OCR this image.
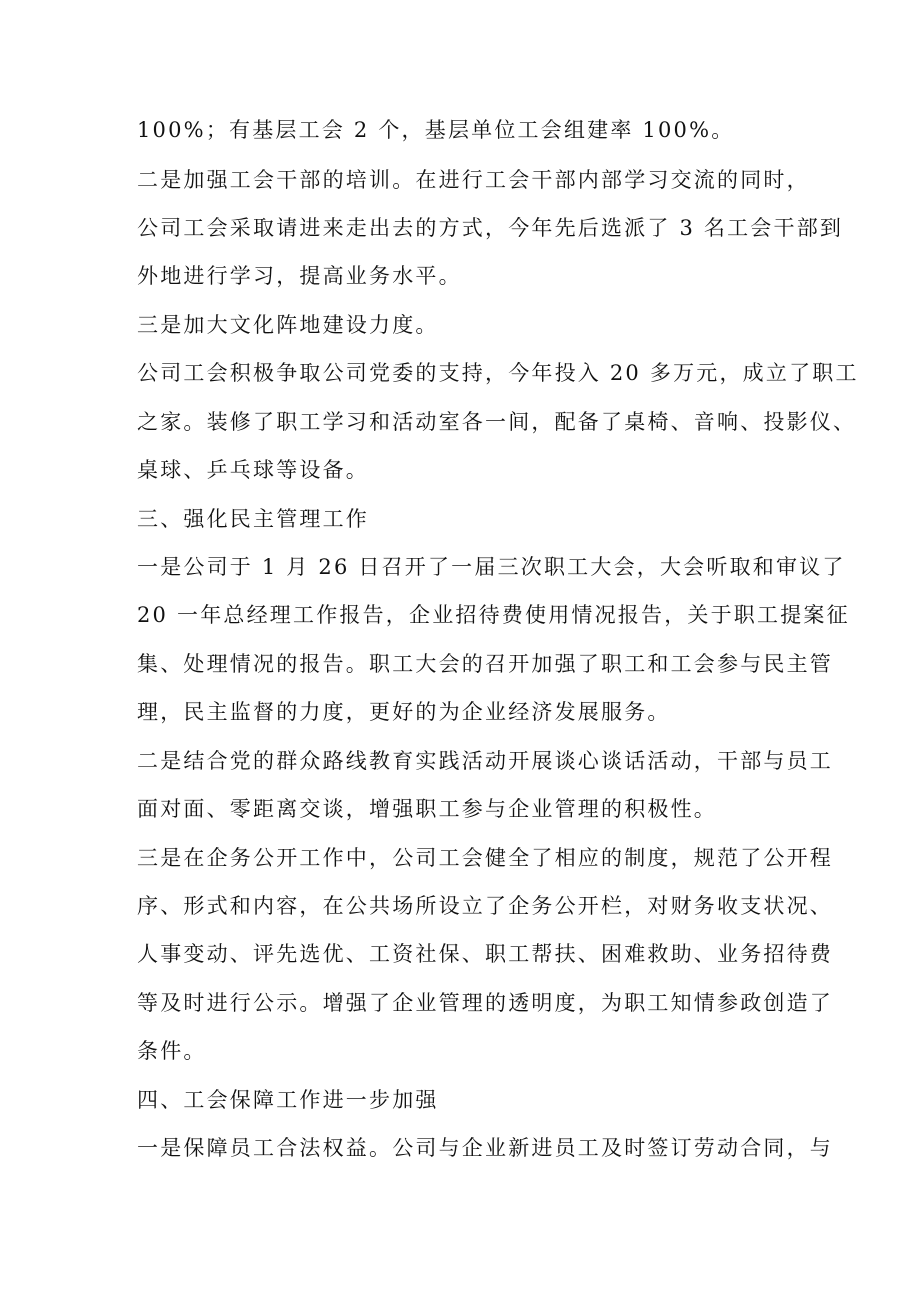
100%；有基层工会 2 个，基层单位工会组建率 100%。
二是加强工会干部的培训。在进行工会干部内部学习交流的同时，
公司工会采取请进来走出去的方式，今年先后选派了 3 名工会干部到
外地进行学习，提高业务水平。
三是加大文化阵地建设力度。
公司工会积极争取公司党委的支持，今年投入 20 多万元，成立了职工
之家。装修了职工学习和活动室各一间，配备了桌椅、音响、投影仪、
桌球、乒乓球等设备。
三、强化民主管理工作
一是公司于 1 月 26 日召开了一届三次职工大会，大会听取和审议了
20 一年总经理工作报告，企业招待费使用情况报告，关于职工提案征
集、处理情况的报告。职工大会的召开加强了职工和工会参与民主管
理，民主监督的力度，更好的为企业经济发展服务。
二是结合党的群众路线教育实践活动开展谈心谈话活动，干部与员工
面对面、零距离交谈，增强职工参与企业管理的积极性。
三是在企务公开工作中，公司工会健全了相应的制度，规范了公开程
序、形式和内容，在公共场所设立了企务公开栏，对财务收支状况、
人事变动、评先选优、工资社保、职工帮扶、困难救助、业务招待费
等及时进行公示。增强了企业管理的透明度，为职工知情参政创造了
条件。
四、工会保障工作进一步加强
一是保障员工合法权益。公司与企业新进员工及时签订劳动合同，与
